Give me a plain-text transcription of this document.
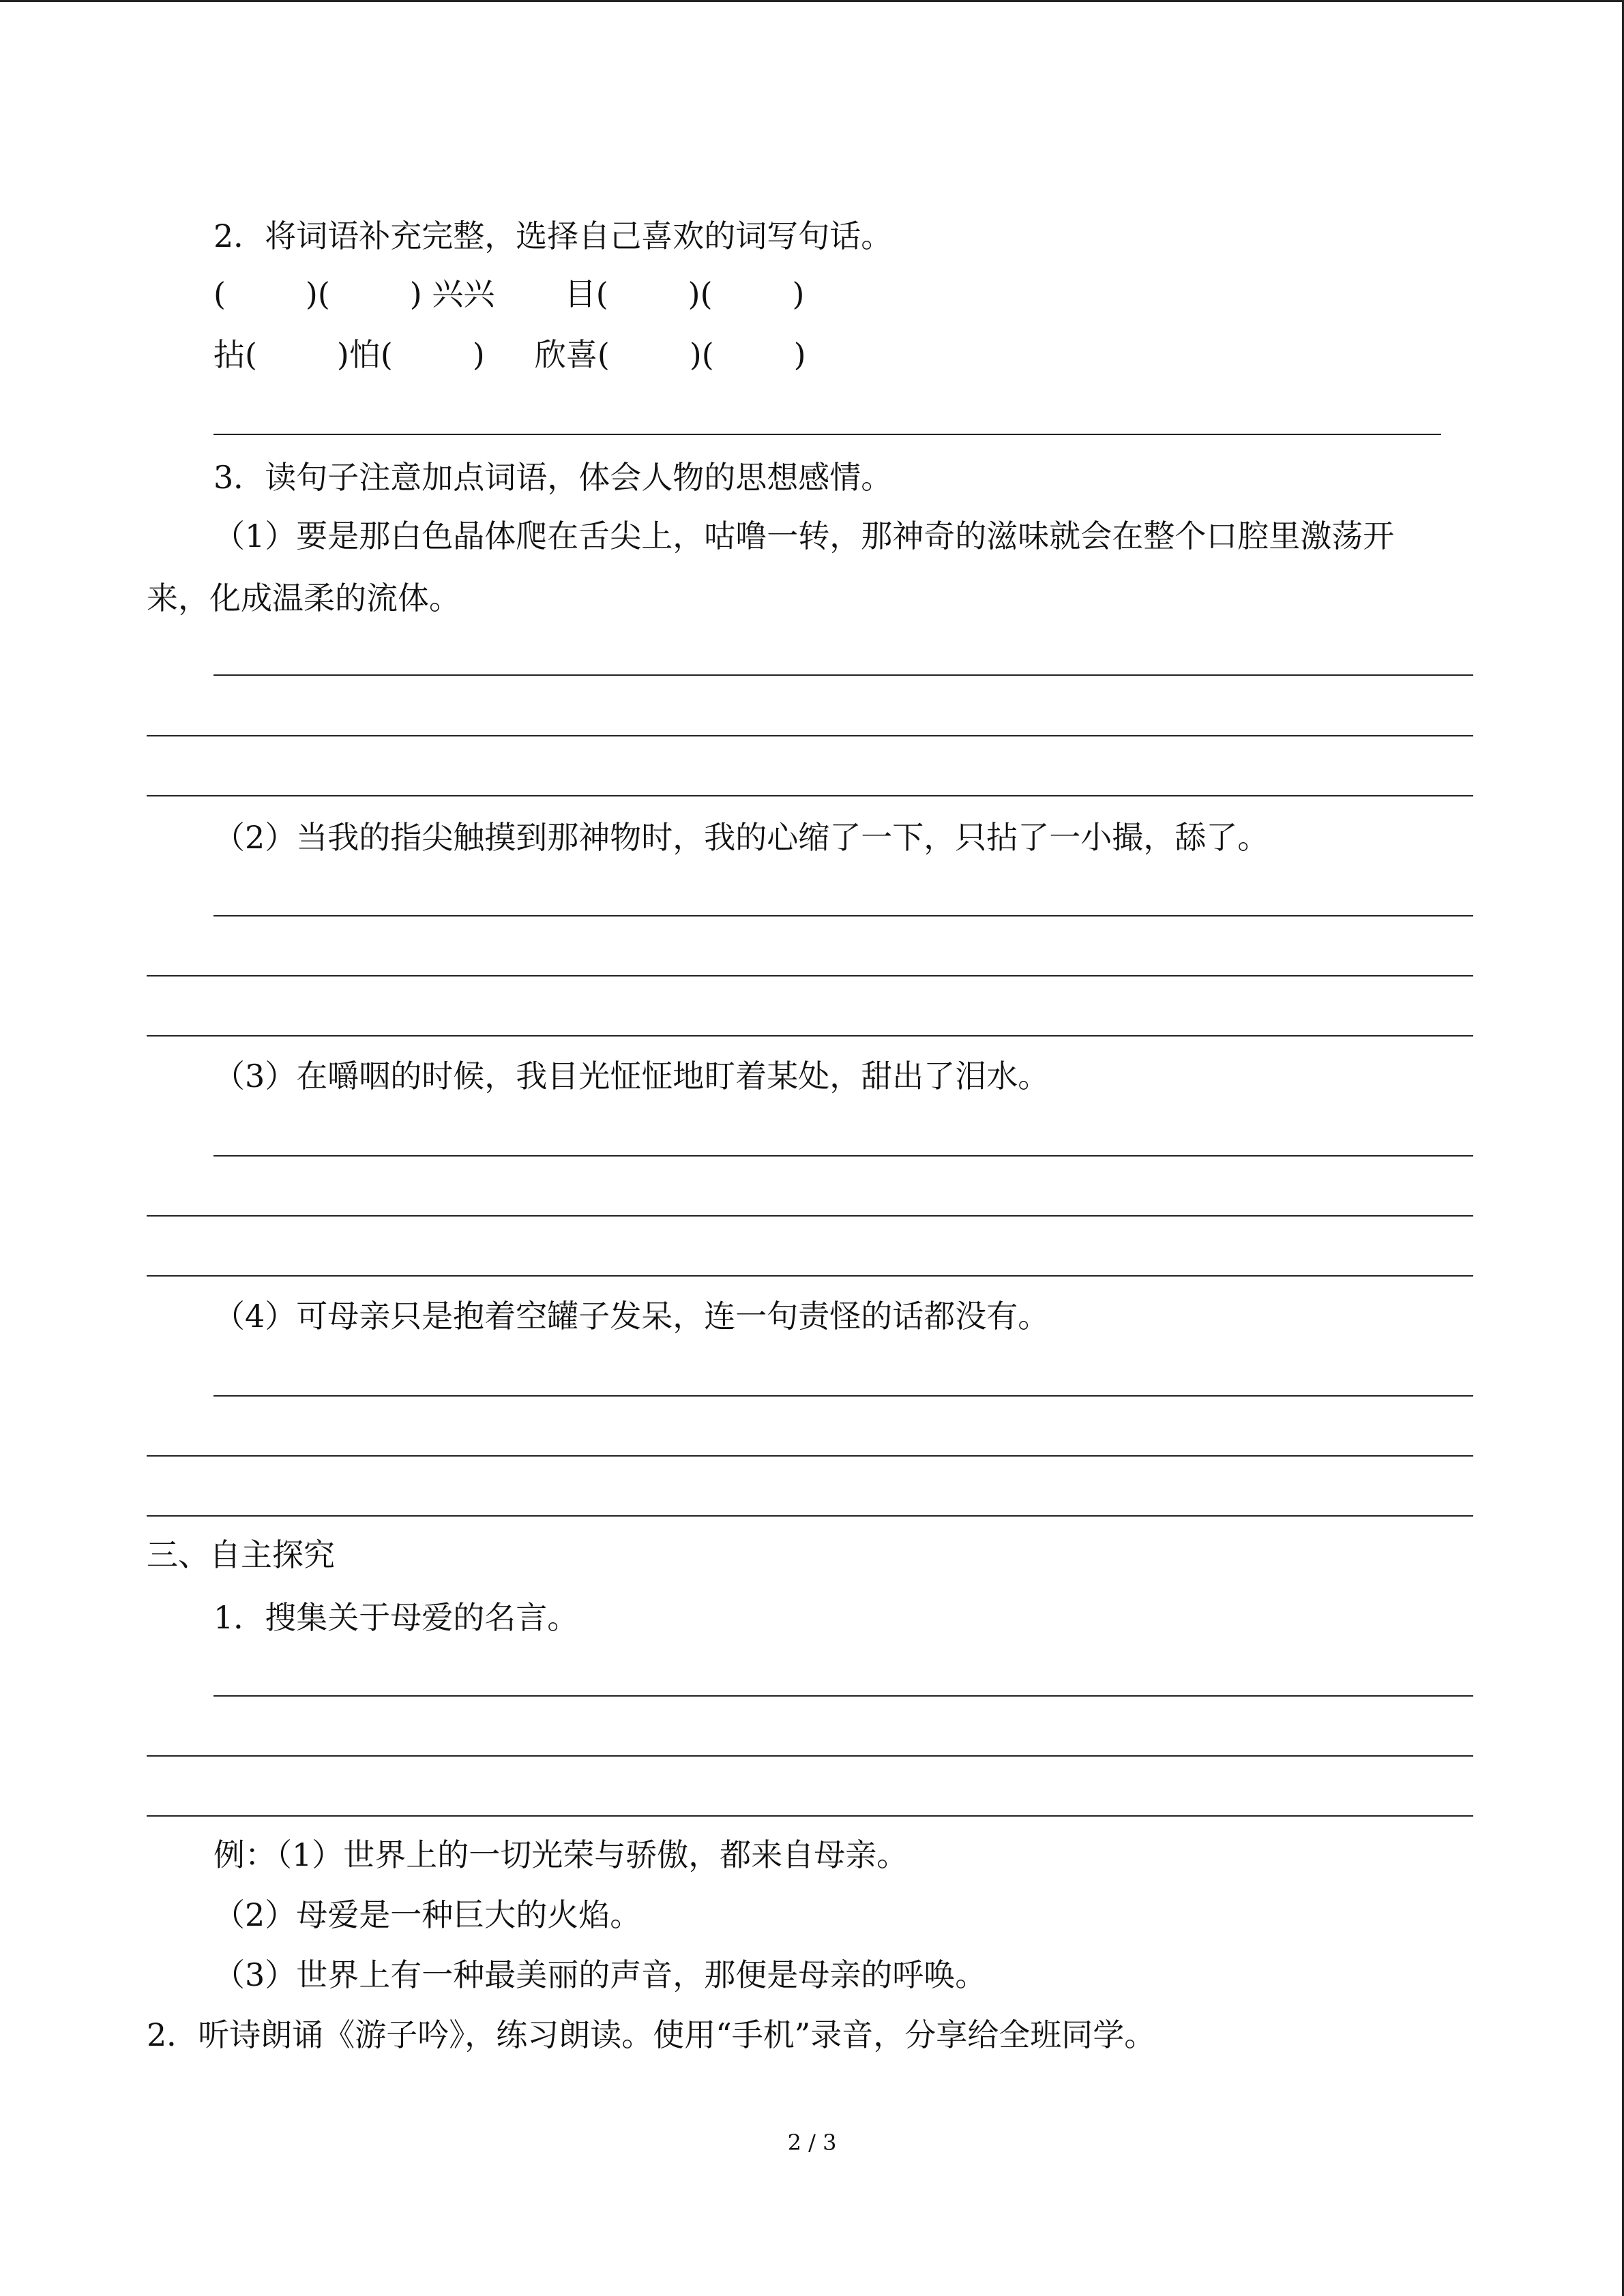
2．将词语补充完整，选择自己喜欢的词写句话。

(        )(        ) 兴兴       目(        )(        )

拈(        )怕(        )     欣喜(        )(        )

3．读句子注意加点词语，体会人物的思想感情。

（1）要是那白色晶体爬在舌尖上，咕噜一转，那神奇的滋味就会在整个口腔里激荡开

来，化成温柔的流体。

（2）当我的指尖触摸到那神物时，我的心缩了一下，只拈了一小撮，舔了。

（3）在嚼咽的时候，我目光怔怔地盯着某处，甜出了泪水。

（4）可母亲只是抱着空罐子发呆，连一句责怪的话都没有。

三、自主探究

1．搜集关于母爱的名言。

例：（1）世界上的一切光荣与骄傲，都来自母亲。

（2）母爱是一种巨大的火焰。

（3）世界上有一种最美丽的声音，那便是母亲的呼唤。

2．听诗朗诵《游子吟》，练习朗读。使用“手机”录音，分享给全班同学。

2 / 3
